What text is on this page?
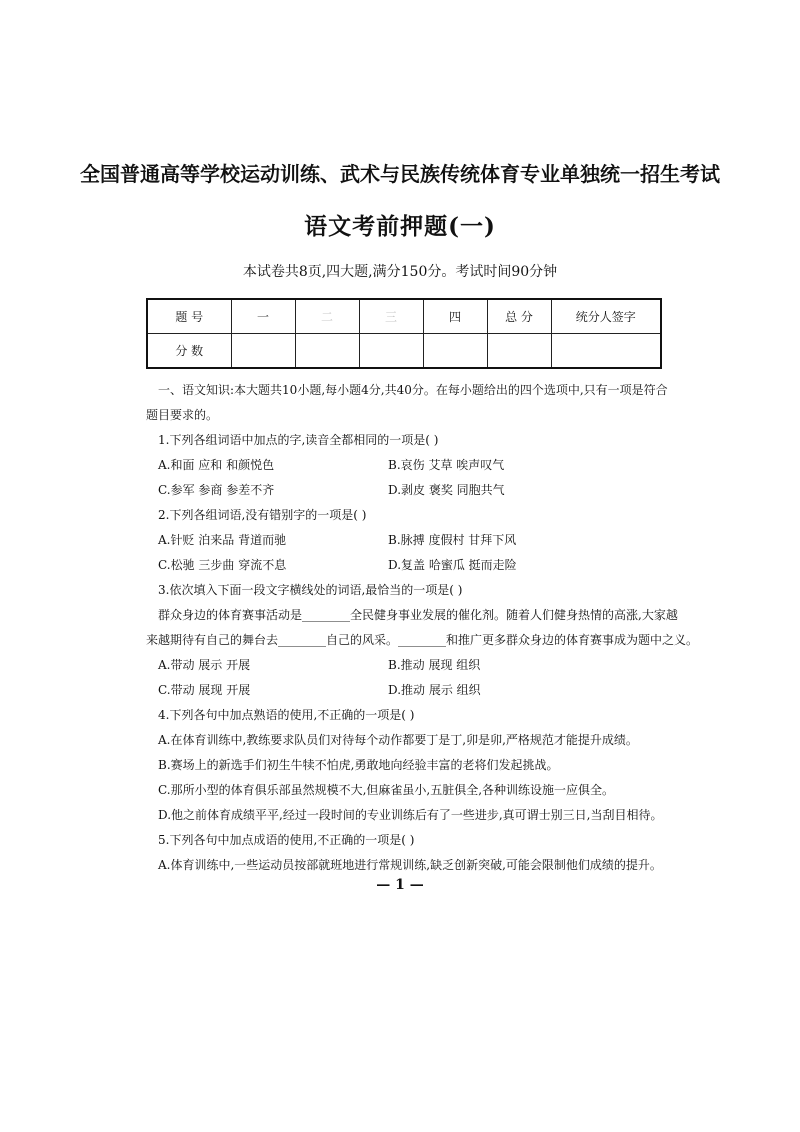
全国普通高等学校运动训练、武术与民族传统体育专业单独统一招生考试
语文考前押题(一)
本试卷共8页,四大题,满分150分。考试时间90分钟
题 号	一	二	三	四	总 分	统分人签字
分 数						

一、语文知识:本大题共10小题,每小题4分,共40分。在每小题给出的四个选项中,只有一项是符合

题目要求的。

1.下列各组词语中加点的字,读音全都相同的一项是( )

A.和面 应和 和颜悦色	B.哀伤 艾草 唉声叹气
C.参军 参商 参差不齐	D.剥皮 褒奖 同胞共气

2.下列各组词语,没有错别字的一项是( )

A.针贬 泊来品 背道而驰	B.脉搏 度假村 甘拜下风
C.松驰 三步曲 穿流不息	D.复盖 哈蜜瓜 挺而走险

3.依次填入下面一段文字横线处的词语,最恰当的一项是( )

群众身边的体育赛事活动是________全民健身事业发展的催化剂。随着人们健身热情的高涨,大家越

来越期待有自己的舞台去________自己的风采。________和推广更多群众身边的体育赛事成为题中之义。

A.带动 展示 开展	B.推动 展现 组织
C.带动 展现 开展	D.推动 展示 组织

4.下列各句中加点熟语的使用,不正确的一项是( )

A.在体育训练中,教练要求队员们对待每个动作都要丁是丁,卯是卯,严格规范才能提升成绩。

B.赛场上的新选手们初生牛犊不怕虎,勇敢地向经验丰富的老将们发起挑战。

C.那所小型的体育俱乐部虽然规模不大,但麻雀虽小,五脏俱全,各种训练设施一应俱全。

D.他之前体育成绩平平,经过一段时间的专业训练后有了一些进步,真可谓士别三日,当刮目相待。

5.下列各句中加点成语的使用,不正确的一项是( )

A.体育训练中,一些运动员按部就班地进行常规训练,缺乏创新突破,可能会限制他们成绩的提升。

— 1 —
